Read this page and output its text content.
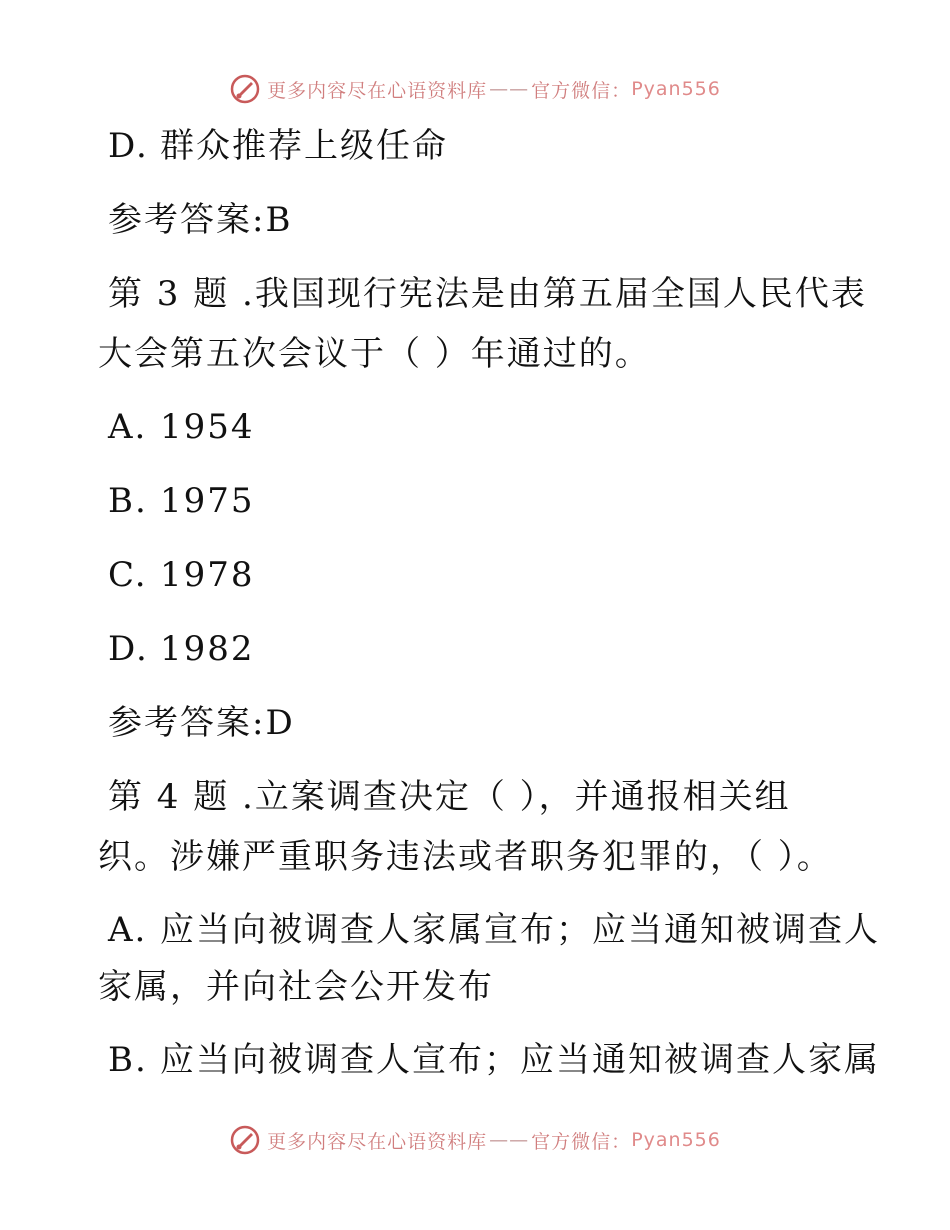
更多内容尽在心语资料库 —— 官方微信： Pyan556
D. 群众推荐上级任命
参考答案:B
第 3 题 .我国现行宪法是由第五届全国人民代表
大会第五次会议于（ ）年通过的。
A. 1954
B. 1975
C. 1978
D. 1982
参考答案:D
第 4 题 .立案调查决定（ ），并通报相关组
织。涉嫌严重职务违法或者职务犯罪的，（ ）。
A. 应当向被调查人家属宣布；应当通知被调查人
家属，并向社会公开发布
B. 应当向被调查人宣布；应当通知被调查人家属
更多内容尽在心语资料库 —— 官方微信： Pyan556
